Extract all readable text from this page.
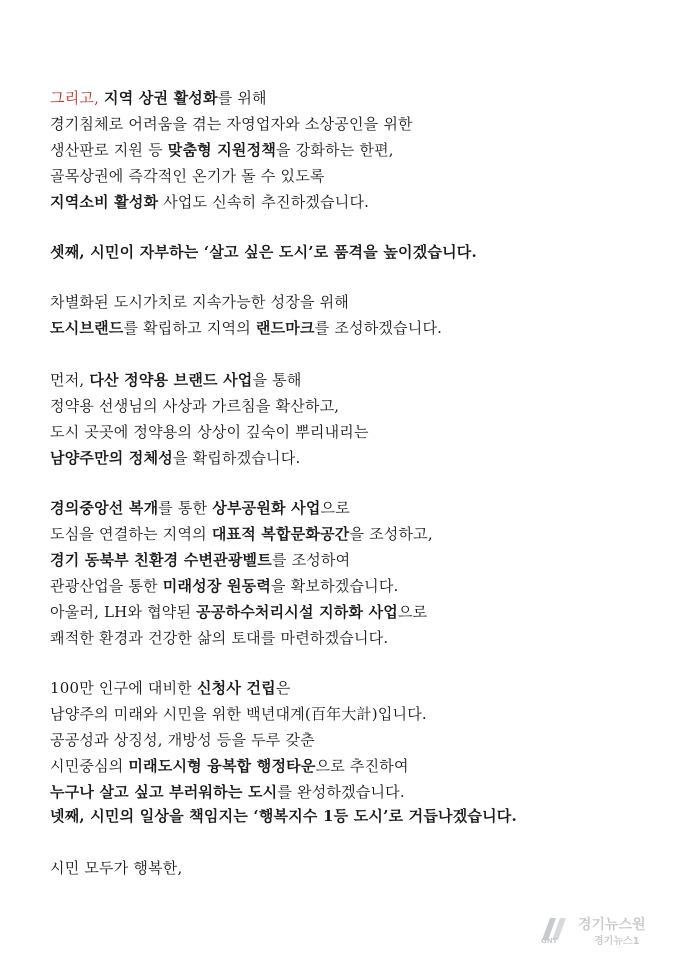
그리고, 지역 상권 활성화를 위해
경기침체로 어려움을 겪는 자영업자와 소상공인을 위한
생산판로 지원 등 맞춤형 지원정책을 강화하는 한편,
골목상권에 즉각적인 온기가 돌 수 있도록
지역소비 활성화 사업도 신속히 추진하겠습니다.
셋째, 시민이 자부하는 ‘살고 싶은 도시’로 품격을 높이겠습니다.
차별화된 도시가치로 지속가능한 성장을 위해
도시브랜드를 확립하고 지역의 랜드마크를 조성하겠습니다.
먼저, 다산 정약용 브랜드 사업을 통해
정약용 선생님의 사상과 가르침을 확산하고,
도시 곳곳에 정약용의 상상이 깊숙이 뿌리내리는
남양주만의 정체성을 확립하겠습니다.
경의중앙선 복개를 통한 상부공원화 사업으로
도심을 연결하는 지역의 대표적 복합문화공간을 조성하고,
경기 동북부 친환경 수변관광벨트를 조성하여
관광산업을 통한 미래성장 원동력을 확보하겠습니다.
아울러, LH와 협약된 공공하수처리시설 지하화 사업으로
쾌적한 환경과 건강한 삶의 토대를 마련하겠습니다.
100만 인구에 대비한 신청사 건립은
남양주의 미래와 시민을 위한 백년대계(百年大計)입니다.
공공성과 상징성, 개방성 등을 두루 갖춘
시민중심의 미래도시형 융복합 행정타운으로 추진하여
누구나 살고 싶고 부러워하는 도시를 완성하겠습니다.
넷째, 시민의 일상을 책임지는 ‘행복지수 1등 도시’로 거듭나겠습니다.
시민 모두가 행복한,
GNT
경기뉴스원
경기뉴스1
